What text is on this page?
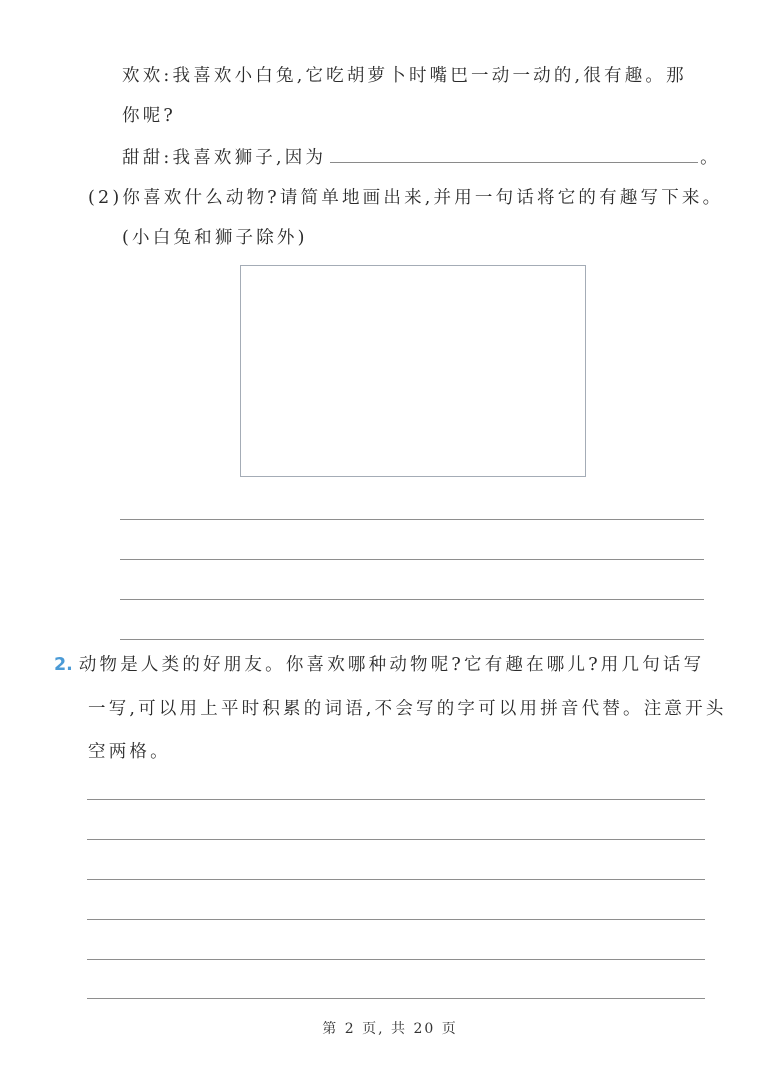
欢欢:我喜欢小白兔,它吃胡萝卜时嘴巴一动一动的,很有趣。那
你呢?
甜甜:我喜欢狮子,因为	。
(2)你喜欢什么动物?请简单地画出来,并用一句话将它的有趣写下来。
(小白兔和狮子除外)
2. 动物是人类的好朋友。你喜欢哪种动物呢?它有趣在哪儿?用几句话写
一写,可以用上平时积累的词语,不会写的字可以用拼音代替。注意开头
空两格。
第 2 页, 共 20 页
